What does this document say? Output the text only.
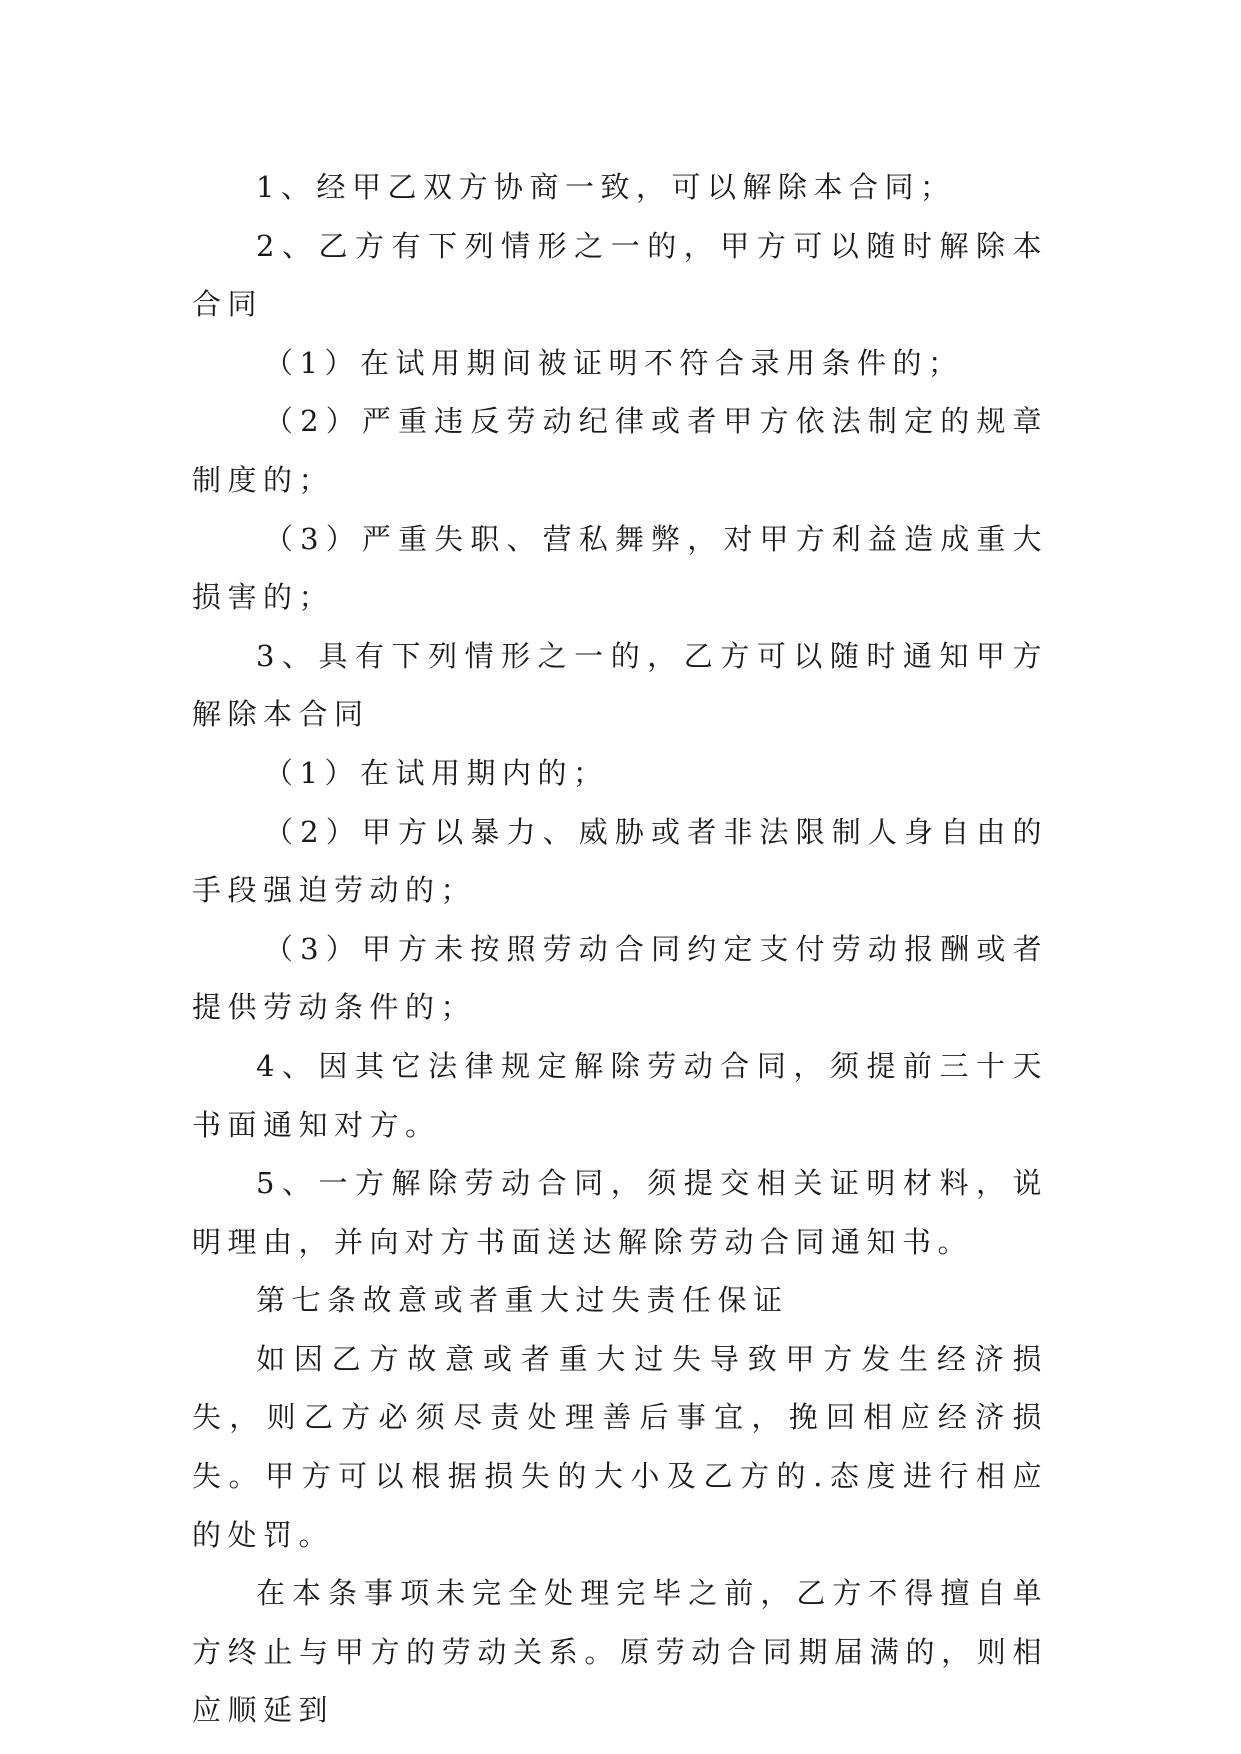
1、经甲乙双方协商一致，可以解除本合同；

2、乙方有下列情形之一的，甲方可以随时解除本合同

（1）在试用期间被证明不符合录用条件的；

（2）严重违反劳动纪律或者甲方依法制定的规章制度的；

（3）严重失职、营私舞弊，对甲方利益造成重大损害的；

3、具有下列情形之一的，乙方可以随时通知甲方解除本合同

（1）在试用期内的；

（2）甲方以暴力、威胁或者非法限制人身自由的手段强迫劳动的；

（3）甲方未按照劳动合同约定支付劳动报酬或者提供劳动条件的；

4、因其它法律规定解除劳动合同，须提前三十天书面通知对方。

5、一方解除劳动合同，须提交相关证明材料，说明理由，并向对方书面送达解除劳动合同通知书。

第七条故意或者重大过失责任保证

如因乙方故意或者重大过失导致甲方发生经济损失，则乙方必须尽责处理善后事宜，挽回相应经济损失。甲方可以根据损失的大小及乙方的.态度进行相应的处罚。

在本条事项未完全处理完毕之前，乙方不得擅自单方终止与甲方的劳动关系。原劳动合同期届满的，则相应顺延到
